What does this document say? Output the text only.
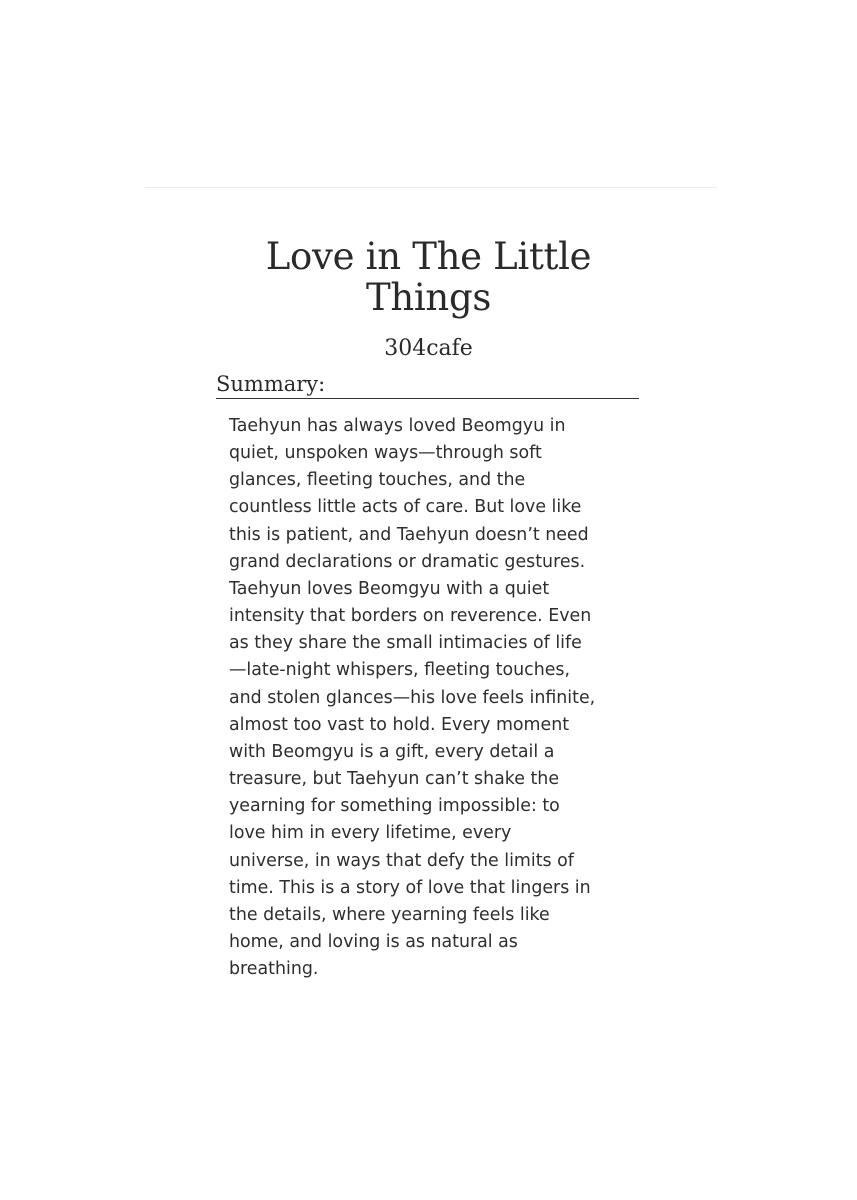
Love in The Little
Things
304cafe
Summary:

Taehyun has always loved Beomgyu in
quiet, unspoken ways—through soft
glances, fleeting touches, and the
countless little acts of care. But love like
this is patient, and Taehyun doesn’t need
grand declarations or dramatic gestures.
Taehyun loves Beomgyu with a quiet
intensity that borders on reverence. Even
as they share the small intimacies of life
—late-night whispers, fleeting touches,
and stolen glances—his love feels infinite,
almost too vast to hold. Every moment
with Beomgyu is a gift, every detail a
treasure, but Taehyun can’t shake the
yearning for something impossible: to
love him in every lifetime, every
universe, in ways that defy the limits of
time. This is a story of love that lingers in
the details, where yearning feels like
home, and loving is as natural as
breathing.
